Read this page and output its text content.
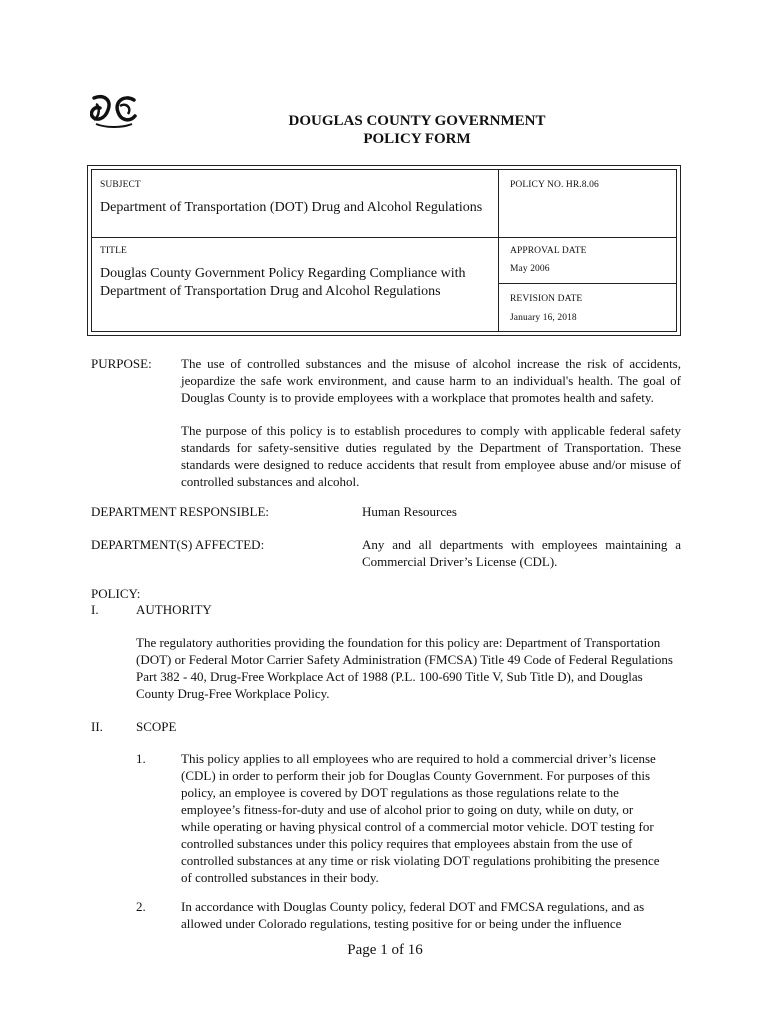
DOUGLAS COUNTY GOVERNMENT
POLICY FORM
SUBJECT
Department of Transportation (DOT) Drug and Alcohol Regulations
POLICY NO. HR.8.06
TITLE
Douglas County Government Policy Regarding Compliance with Department of Transportation Drug and Alcohol Regulations
APPROVAL DATE
May 2006
REVISION DATE
January 16, 2018
PURPOSE: The use of controlled substances and the misuse of alcohol increase the risk of accidents, jeopardize the safe work environment, and cause harm to an individual's health. The goal of Douglas County is to provide employees with a workplace that promotes health and safety.
The purpose of this policy is to establish procedures to comply with applicable federal safety standards for safety-sensitive duties regulated by the Department of Transportation. These standards were designed to reduce accidents that result from employee abuse and/or misuse of controlled substances and alcohol.
DEPARTMENT RESPONSIBLE:	Human Resources
DEPARTMENT(S) AFFECTED:	Any and all departments with employees maintaining a Commercial Driver’s License (CDL).
POLICY:
I.	AUTHORITY
The regulatory authorities providing the foundation for this policy are: Department of Transportation (DOT) or Federal Motor Carrier Safety Administration (FMCSA) Title 49 Code of Federal Regulations Part 382 - 40, Drug-Free Workplace Act of 1988 (P.L. 100-690 Title V, Sub Title D), and Douglas County Drug-Free Workplace Policy.
II.	SCOPE
1.	This policy applies to all employees who are required to hold a commercial driver’s license (CDL) in order to perform their job for Douglas County Government. For purposes of this policy, an employee is covered by DOT regulations as those regulations relate to the employee’s fitness-for-duty and use of alcohol prior to going on duty, while on duty, or while operating or having physical control of a commercial motor vehicle. DOT testing for controlled substances under this policy requires that employees abstain from the use of controlled substances at any time or risk violating DOT regulations prohibiting the presence of controlled substances in their body.
2.	In accordance with Douglas County policy, federal DOT and FMCSA regulations, and as allowed under Colorado regulations, testing positive for or being under the influence
Page 1 of 16
